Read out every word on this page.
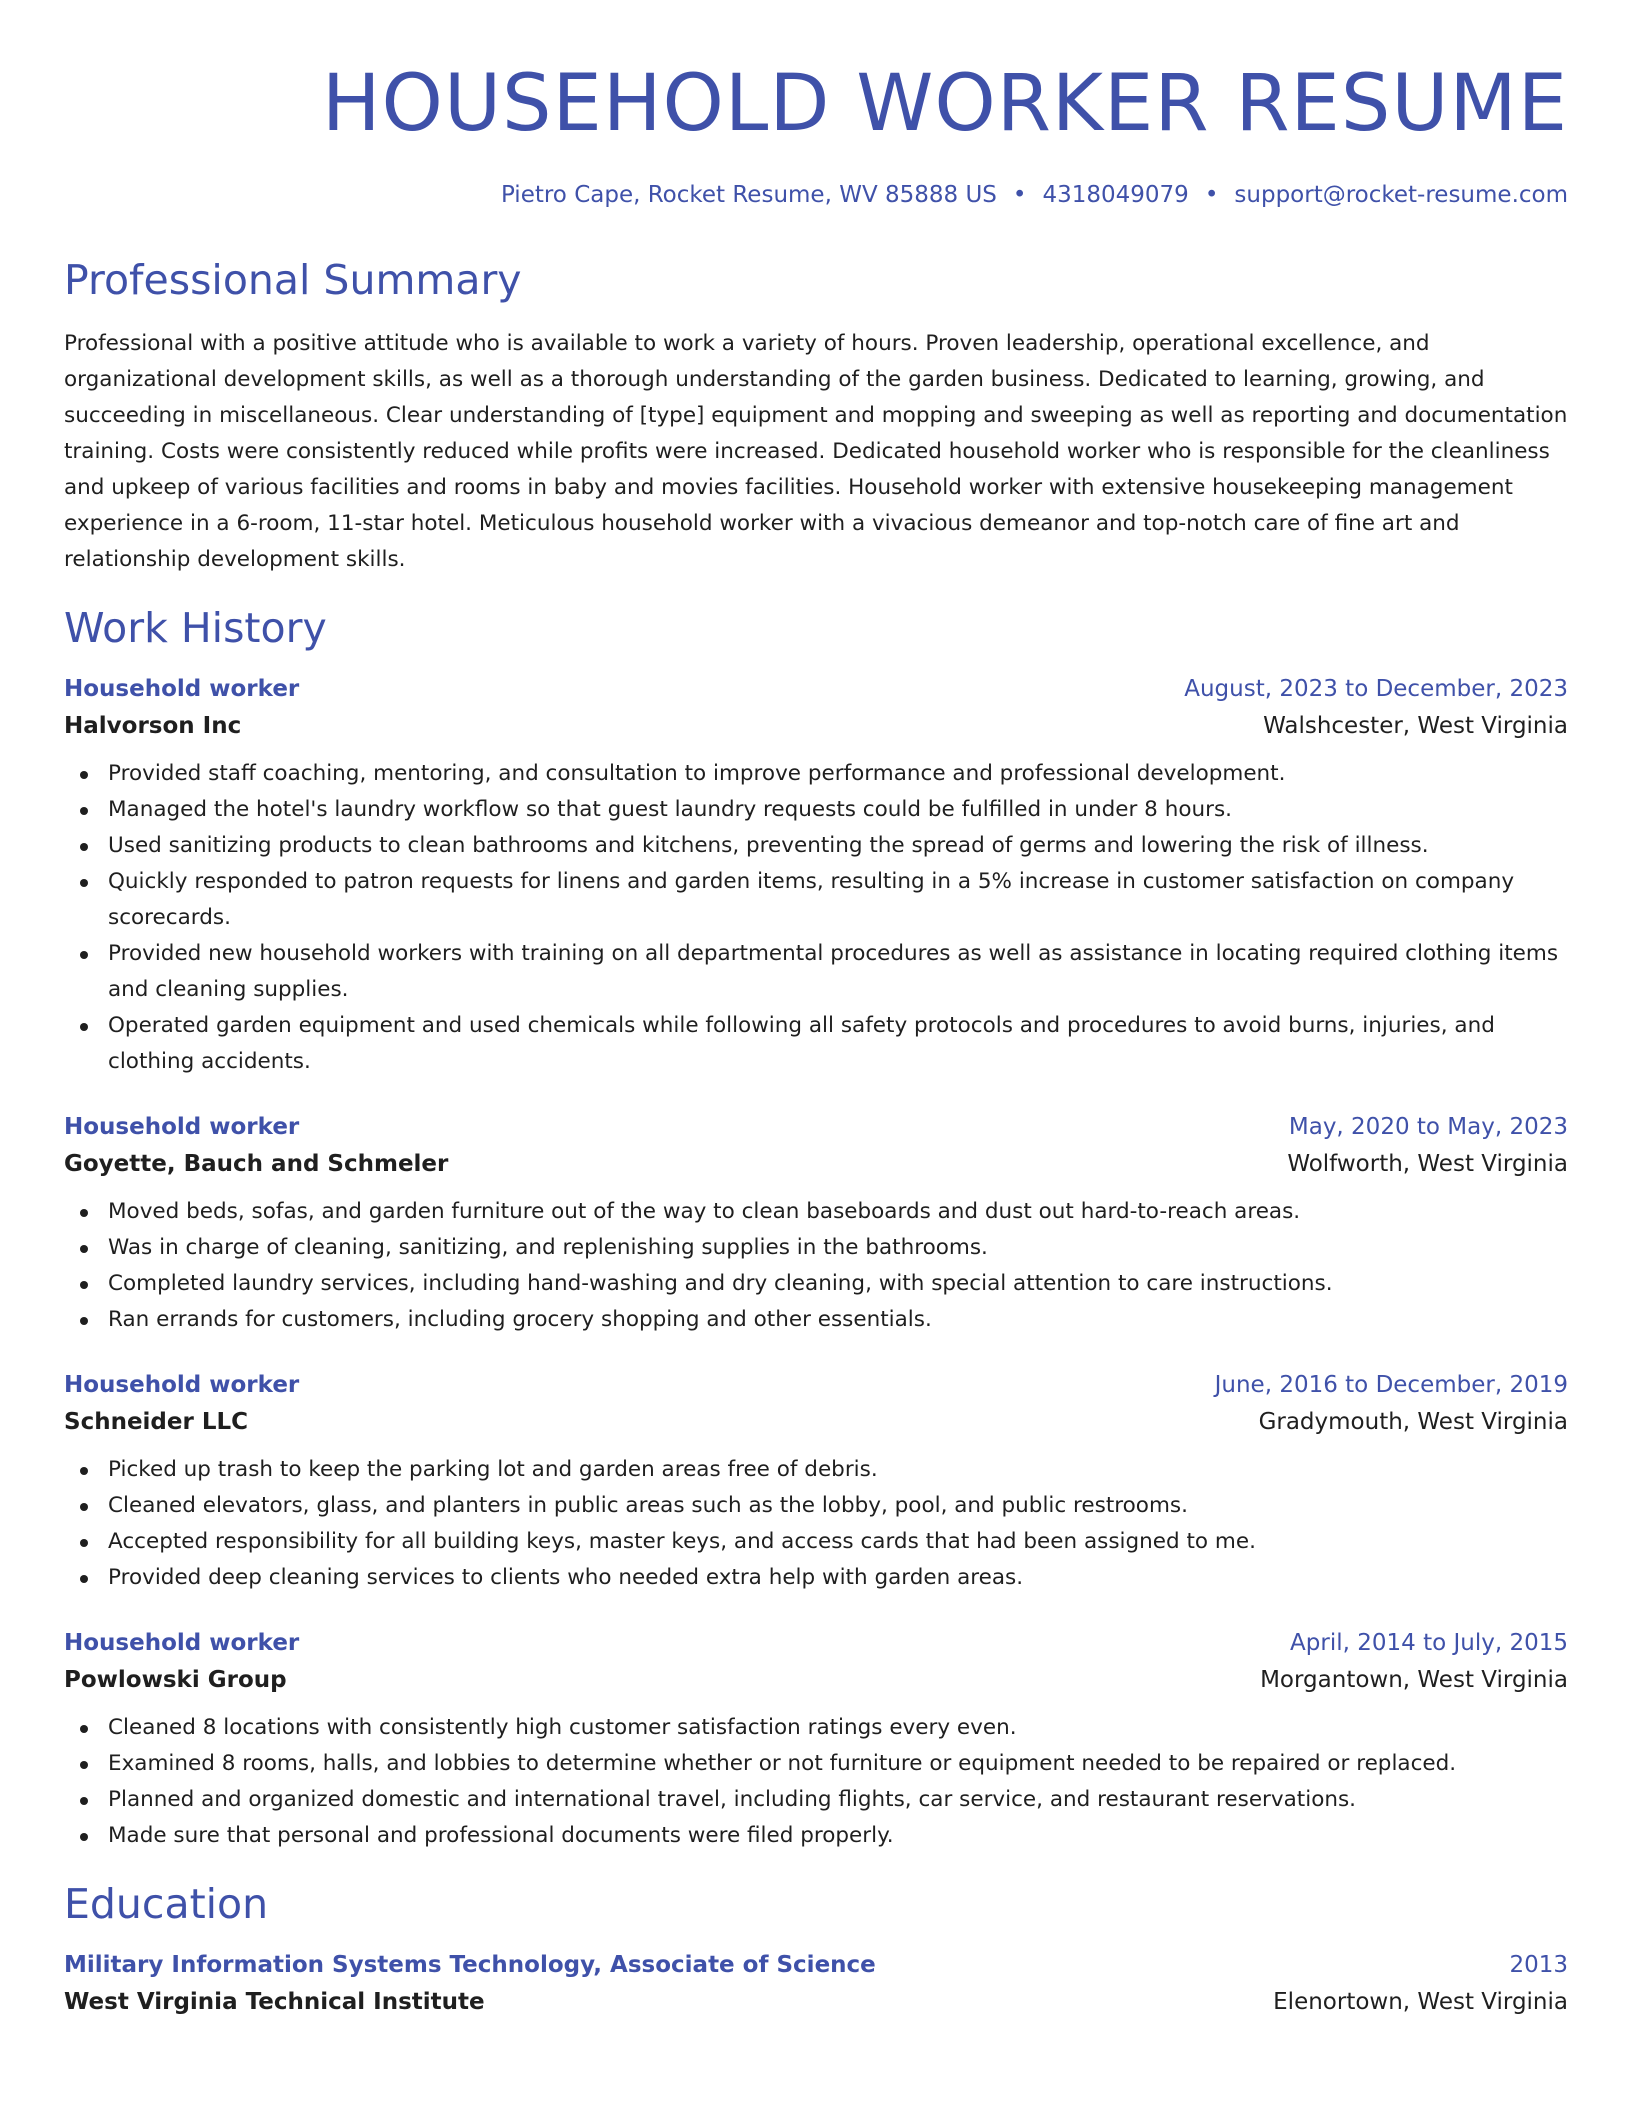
HOUSEHOLD WORKER RESUME
Pietro Cape, Rocket Resume, WV 85888 US • 4318049079 • support@rocket-resume.com
Professional Summary

Professional with a positive attitude who is available to work a variety of hours. Proven leadership, operational excellence, and organizational development skills, as well as a thorough understanding of the garden business. Dedicated to learning, growing, and succeeding in miscellaneous. Clear understanding of [type] equipment and mopping and sweeping as well as reporting and documentation training. Costs were consistently reduced while profits were increased. Dedicated household worker who is responsible for the cleanliness and upkeep of various facilities and rooms in baby and movies facilities. Household worker with extensive housekeeping management experience in a 6-room, 11-star hotel. Meticulous household worker with a vivacious demeanor and top-notch care of fine art and relationship development skills.

Work History
Household worker	August, 2023 to December, 2023
Halvorson Inc	Walshcester, West Virginia
Provided staff coaching, mentoring, and consultation to improve performance and professional development.
Managed the hotel's laundry workflow so that guest laundry requests could be fulfilled in under 8 hours.
Used sanitizing products to clean bathrooms and kitchens, preventing the spread of germs and lowering the risk of illness.
Quickly responded to patron requests for linens and garden items, resulting in a 5% increase in customer satisfaction on company scorecards.
Provided new household workers with training on all departmental procedures as well as assistance in locating required clothing items and cleaning supplies.
Operated garden equipment and used chemicals while following all safety protocols and procedures to avoid burns, injuries, and clothing accidents.
Household worker	May, 2020 to May, 2023
Goyette, Bauch and Schmeler	Wolfworth, West Virginia
Moved beds, sofas, and garden furniture out of the way to clean baseboards and dust out hard-to-reach areas.
Was in charge of cleaning, sanitizing, and replenishing supplies in the bathrooms.
Completed laundry services, including hand-washing and dry cleaning, with special attention to care instructions.
Ran errands for customers, including grocery shopping and other essentials.
Household worker	June, 2016 to December, 2019
Schneider LLC	Gradymouth, West Virginia
Picked up trash to keep the parking lot and garden areas free of debris.
Cleaned elevators, glass, and planters in public areas such as the lobby, pool, and public restrooms.
Accepted responsibility for all building keys, master keys, and access cards that had been assigned to me.
Provided deep cleaning services to clients who needed extra help with garden areas.
Household worker	April, 2014 to July, 2015
Powlowski Group	Morgantown, West Virginia
Cleaned 8 locations with consistently high customer satisfaction ratings every even.
Examined 8 rooms, halls, and lobbies to determine whether or not furniture or equipment needed to be repaired or replaced.
Planned and organized domestic and international travel, including flights, car service, and restaurant reservations.
Made sure that personal and professional documents were filed properly.
Education
Military Information Systems Technology, Associate of Science	2013
West Virginia Technical Institute	Elenortown, West Virginia
